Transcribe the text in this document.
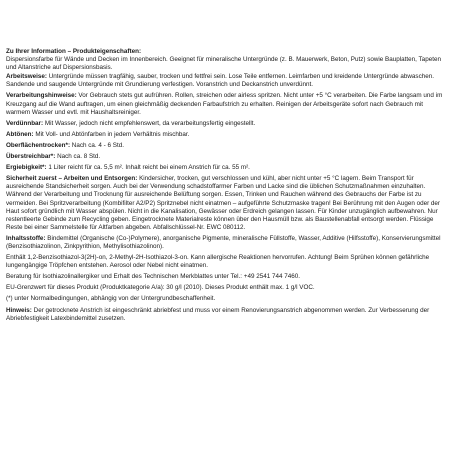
Zu Ihrer Information – Produkteigenschaften:

Dispersionsfarbe für Wände und Decken im Innenbereich. Geeignet für mineralische Untergründe (z. B. Mauerwerk, Beton, Putz) sowie Bauplatten, Tapeten und Altanstriche auf Dispersionsbasis.

Arbeitsweise: Untergründe müssen tragfähig, sauber, trocken und fettfrei sein. Lose Teile entfernen. Leimfarben und kreidende Untergründe abwaschen. Sandende und saugende Untergründe mit Grundierung verfestigen. Voranstrich und Deckanstrich unverdünnt.

Verarbeitungshinweise: Vor Gebrauch stets gut aufrühren. Rollen, streichen oder airless spritzen. Nicht unter +5 °C verarbeiten. Die Farbe langsam und im Kreuzgang auf die Wand auftragen, um einen gleichmäßig deckenden Farbaufstrich zu erhalten. Reinigen der Arbeitsgeräte sofort nach Gebrauch mit warmem Wasser und evtl. mit Haushaltsreiniger.

Verdünnbar: Mit Wasser, jedoch nicht empfehlenswert, da verarbeitungsfertig eingestellt.

Abtönen: Mit Voll- und Abtönfarben in jedem Verhältnis mischbar.

Oberflächentrocken*: Nach ca. 4 - 6 Std.

Überstreichbar*: Nach ca. 8 Std.

Ergiebigkeit*: 1 Liter reicht für ca. 5,5 m². Inhalt reicht bei einem Anstrich für ca. 55 m².

Sicherheit zuerst – Arbeiten und Entsorgen: Kindersicher, trocken, gut verschlossen und kühl, aber nicht unter +5 °C lagern. Beim Transport für ausreichende Standsicherheit sorgen. Auch bei der Verwendung schadstoffarmer Farben und Lacke sind die üblichen Schutzmaßnahmen einzuhalten. Während der Verarbeitung und Trocknung für ausreichende Belüftung sorgen. Essen, Trinken und Rauchen während des Gebrauchs der Farbe ist zu vermeiden. Bei Spritzverarbeitung (Kombifilter A2/P2) Spritznebel nicht einatmen – aufgeführte Schutzmaske tragen! Bei Berührung mit den Augen oder der Haut sofort gründlich mit Wasser abspülen. Nicht in die Kanalisation, Gewässer oder Erdreich gelangen lassen. Für Kinder unzugänglich aufbewahren. Nur restentleerte Gebinde zum Recycling geben. Eingetrocknete Materialreste können über den Hausmüll bzw. als Baustellenabfall entsorgt werden. Flüssige Reste bei einer Sammelstelle für Altfarben abgeben. Abfallschlüssel-Nr. EWC 080112.

Inhaltsstoffe: Bindemittel (Organische (Co-)Polymere), anorganische Pigmente, mineralische Füllstoffe, Wasser, Additive (Hilfsstoffe), Konservierungsmittel (Benzisothiazolinon, Zinkpyrithion, Methylisothiazolinon).

Enthält 1,2-Benzisothiazol-3(2H)-on, 2-Methyl-2H-Isothiazol-3-on. Kann allergische Reaktionen hervorrufen. Achtung! Beim Sprühen können gefährliche lungengängige Tröpfchen entstehen. Aerosol oder Nebel nicht einatmen.

Beratung für Isothiazolinallergiker und Erhalt des Technischen Merkblattes unter Tel.: +49 2541 744 7460.

EU-Grenzwert für dieses Produkt (Produktkategorie A/a): 30 g/l (2010). Dieses Produkt enthält max. 1 g/l VOC.

(*) unter Normalbedingungen, abhängig von der Untergrundbeschaffenheit.

Hinweis: Der getrocknete Anstrich ist eingeschränkt abriebfest und muss vor einem Renovierungsanstrich abgenommen werden. Zur Verbesserung der Abriebfestigkeit Latexbindemittel zusetzen.
